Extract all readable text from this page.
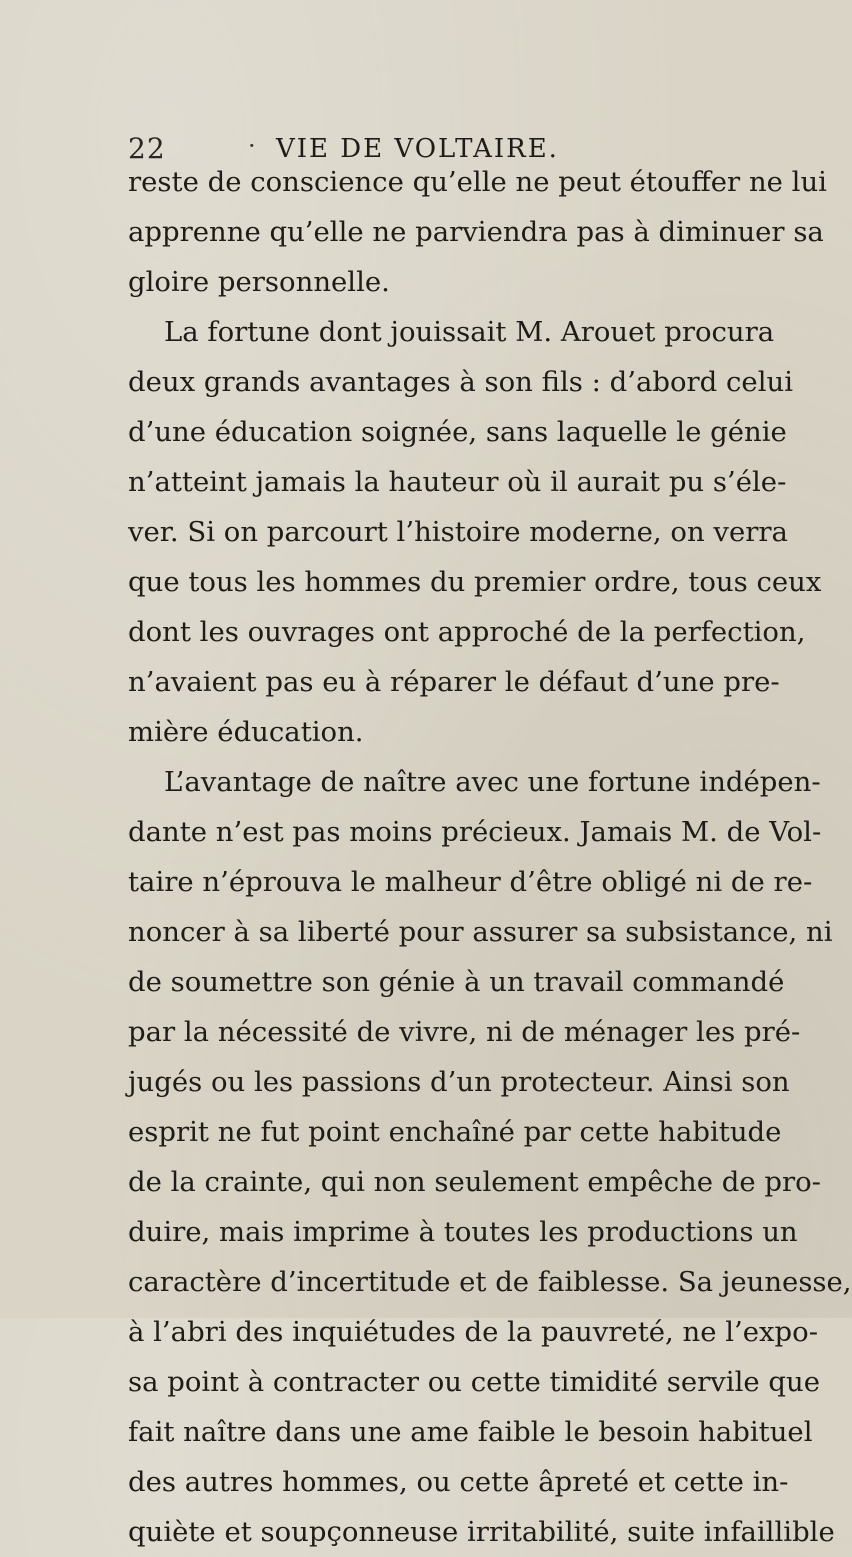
22	· VIE DE VOLTAIRE.
reste de conscience qu’elle ne peut étouffer ne lui
apprenne qu’elle ne parviendra pas à diminuer sa
gloire personnelle.
La fortune dont jouissait M. Arouet procura
deux grands avantages à son fils : d’abord celui
d’une éducation soignée, sans laquelle le génie
n’atteint jamais la hauteur où il aurait pu s’éle-
ver. Si on parcourt l’histoire moderne, on verra
que tous les hommes du premier ordre, tous ceux
dont les ouvrages ont approché de la perfection,
n’avaient pas eu à réparer le défaut d’une pre-
mière éducation.
L’avantage de naître avec une fortune indépen-
dante n’est pas moins précieux. Jamais M. de Vol-
taire n’éprouva le malheur d’être obligé ni de re-
noncer à sa liberté pour assurer sa subsistance, ni
de soumettre son génie à un travail commandé
par la nécessité de vivre, ni de ménager les pré-
jugés ou les passions d’un protecteur. Ainsi son
esprit ne fut point enchaîné par cette habitude
de la crainte, qui non seulement empêche de pro-
duire, mais imprime à toutes les productions un
caractère d’incertitude et de faiblesse. Sa jeunesse,
à l’abri des inquiétudes de la pauvreté, ne l’expo-
sa point à contracter ou cette timidité servile que
fait naître dans une ame faible le besoin habituel
des autres hommes, ou cette âpreté et cette in-
quiète et soupçonneuse irritabilité, suite infaillible
